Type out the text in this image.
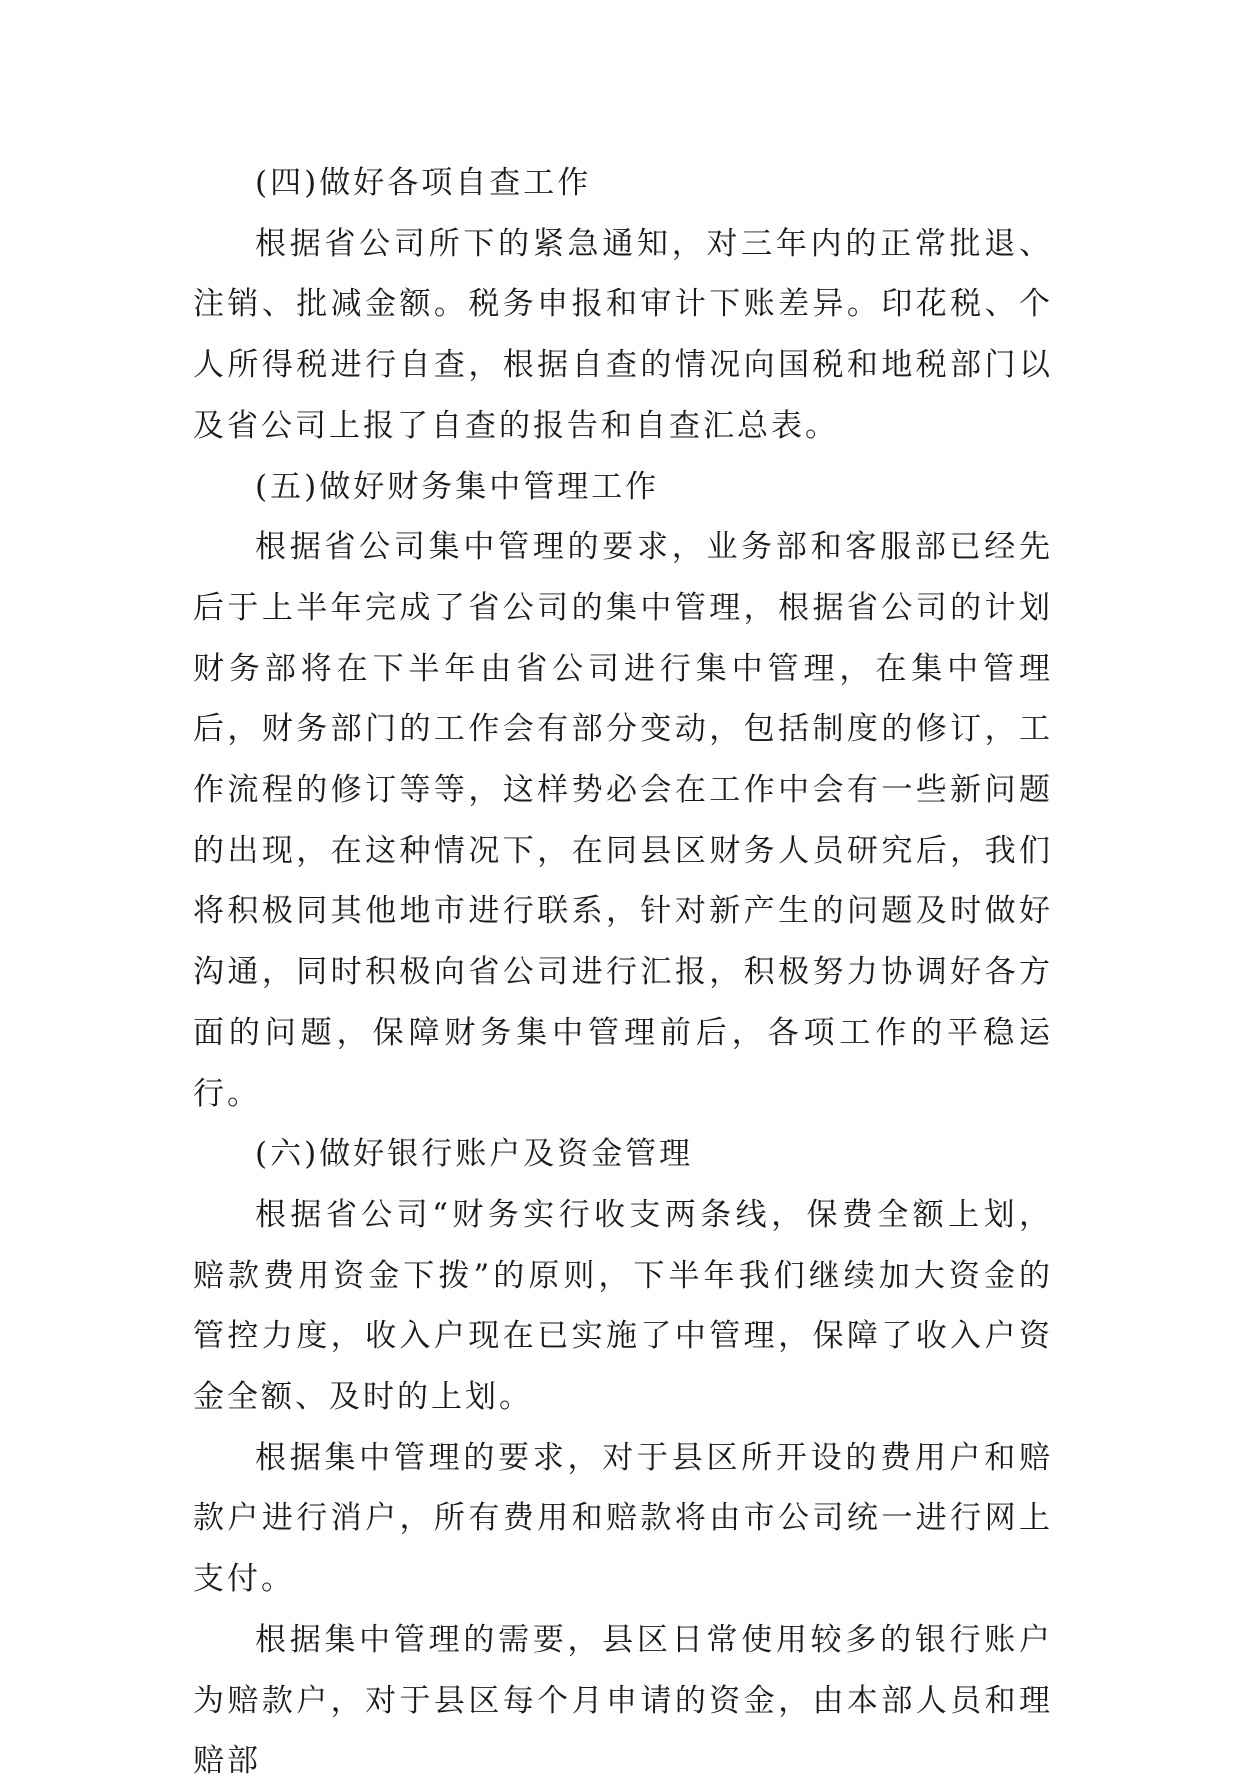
(四)做好各项自查工作

根据省公司所下的紧急通知，对三年内的正常批退、注销、批减金额。税务申报和审计下账差异。印花税、个人所得税进行自查，根据自查的情况向国税和地税部门以及省公司上报了自查的报告和自查汇总表。

(五)做好财务集中管理工作

根据省公司集中管理的要求，业务部和客服部已经先后于上半年完成了省公司的集中管理，根据省公司的计划财务部将在下半年由省公司进行集中管理，在集中管理后，财务部门的工作会有部分变动，包括制度的修订，工作流程的修订等等，这样势必会在工作中会有一些新问题的出现，在这种情况下，在同县区财务人员研究后，我们将积极同其他地市进行联系，针对新产生的问题及时做好沟通，同时积极向省公司进行汇报，积极努力协调好各方面的问题，保障财务集中管理前后，各项工作的平稳运行。

(六)做好银行账户及资金管理

根据省公司“财务实行收支两条线，保费全额上划，赔款费用资金下拨”的原则，下半年我们继续加大资金的管控力度，收入户现在已实施了中管理，保障了收入户资金全额、及时的上划。

根据集中管理的要求，对于县区所开设的费用户和赔款户进行消户，所有费用和赔款将由市公司统一进行网上支付。

根据集中管理的需要，县区日常使用较多的银行账户为赔款户，对于县区每个月申请的资金，由本部人员和理赔部
